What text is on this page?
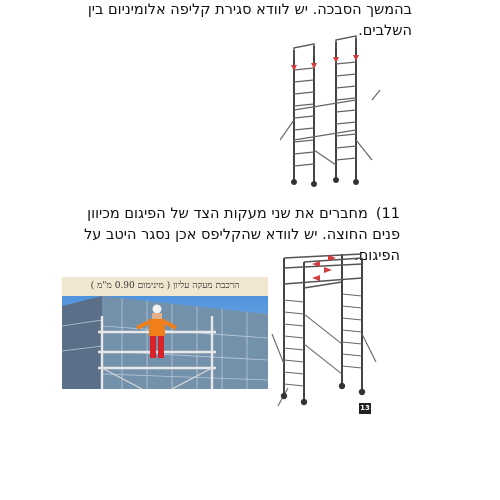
בהמשך הסבכה. יש לוודא סגירת קליפה אלומיניום בין השלבים.
11)
מחברים את שני מעקות הצד של הפיגום מכיוון פנים החוצה. יש לוודא שהקליפס אכן נסגר היטב על הפיגום.
הרכבת מעקה עליון ( מינימום 0.90 מ"מ )
13
